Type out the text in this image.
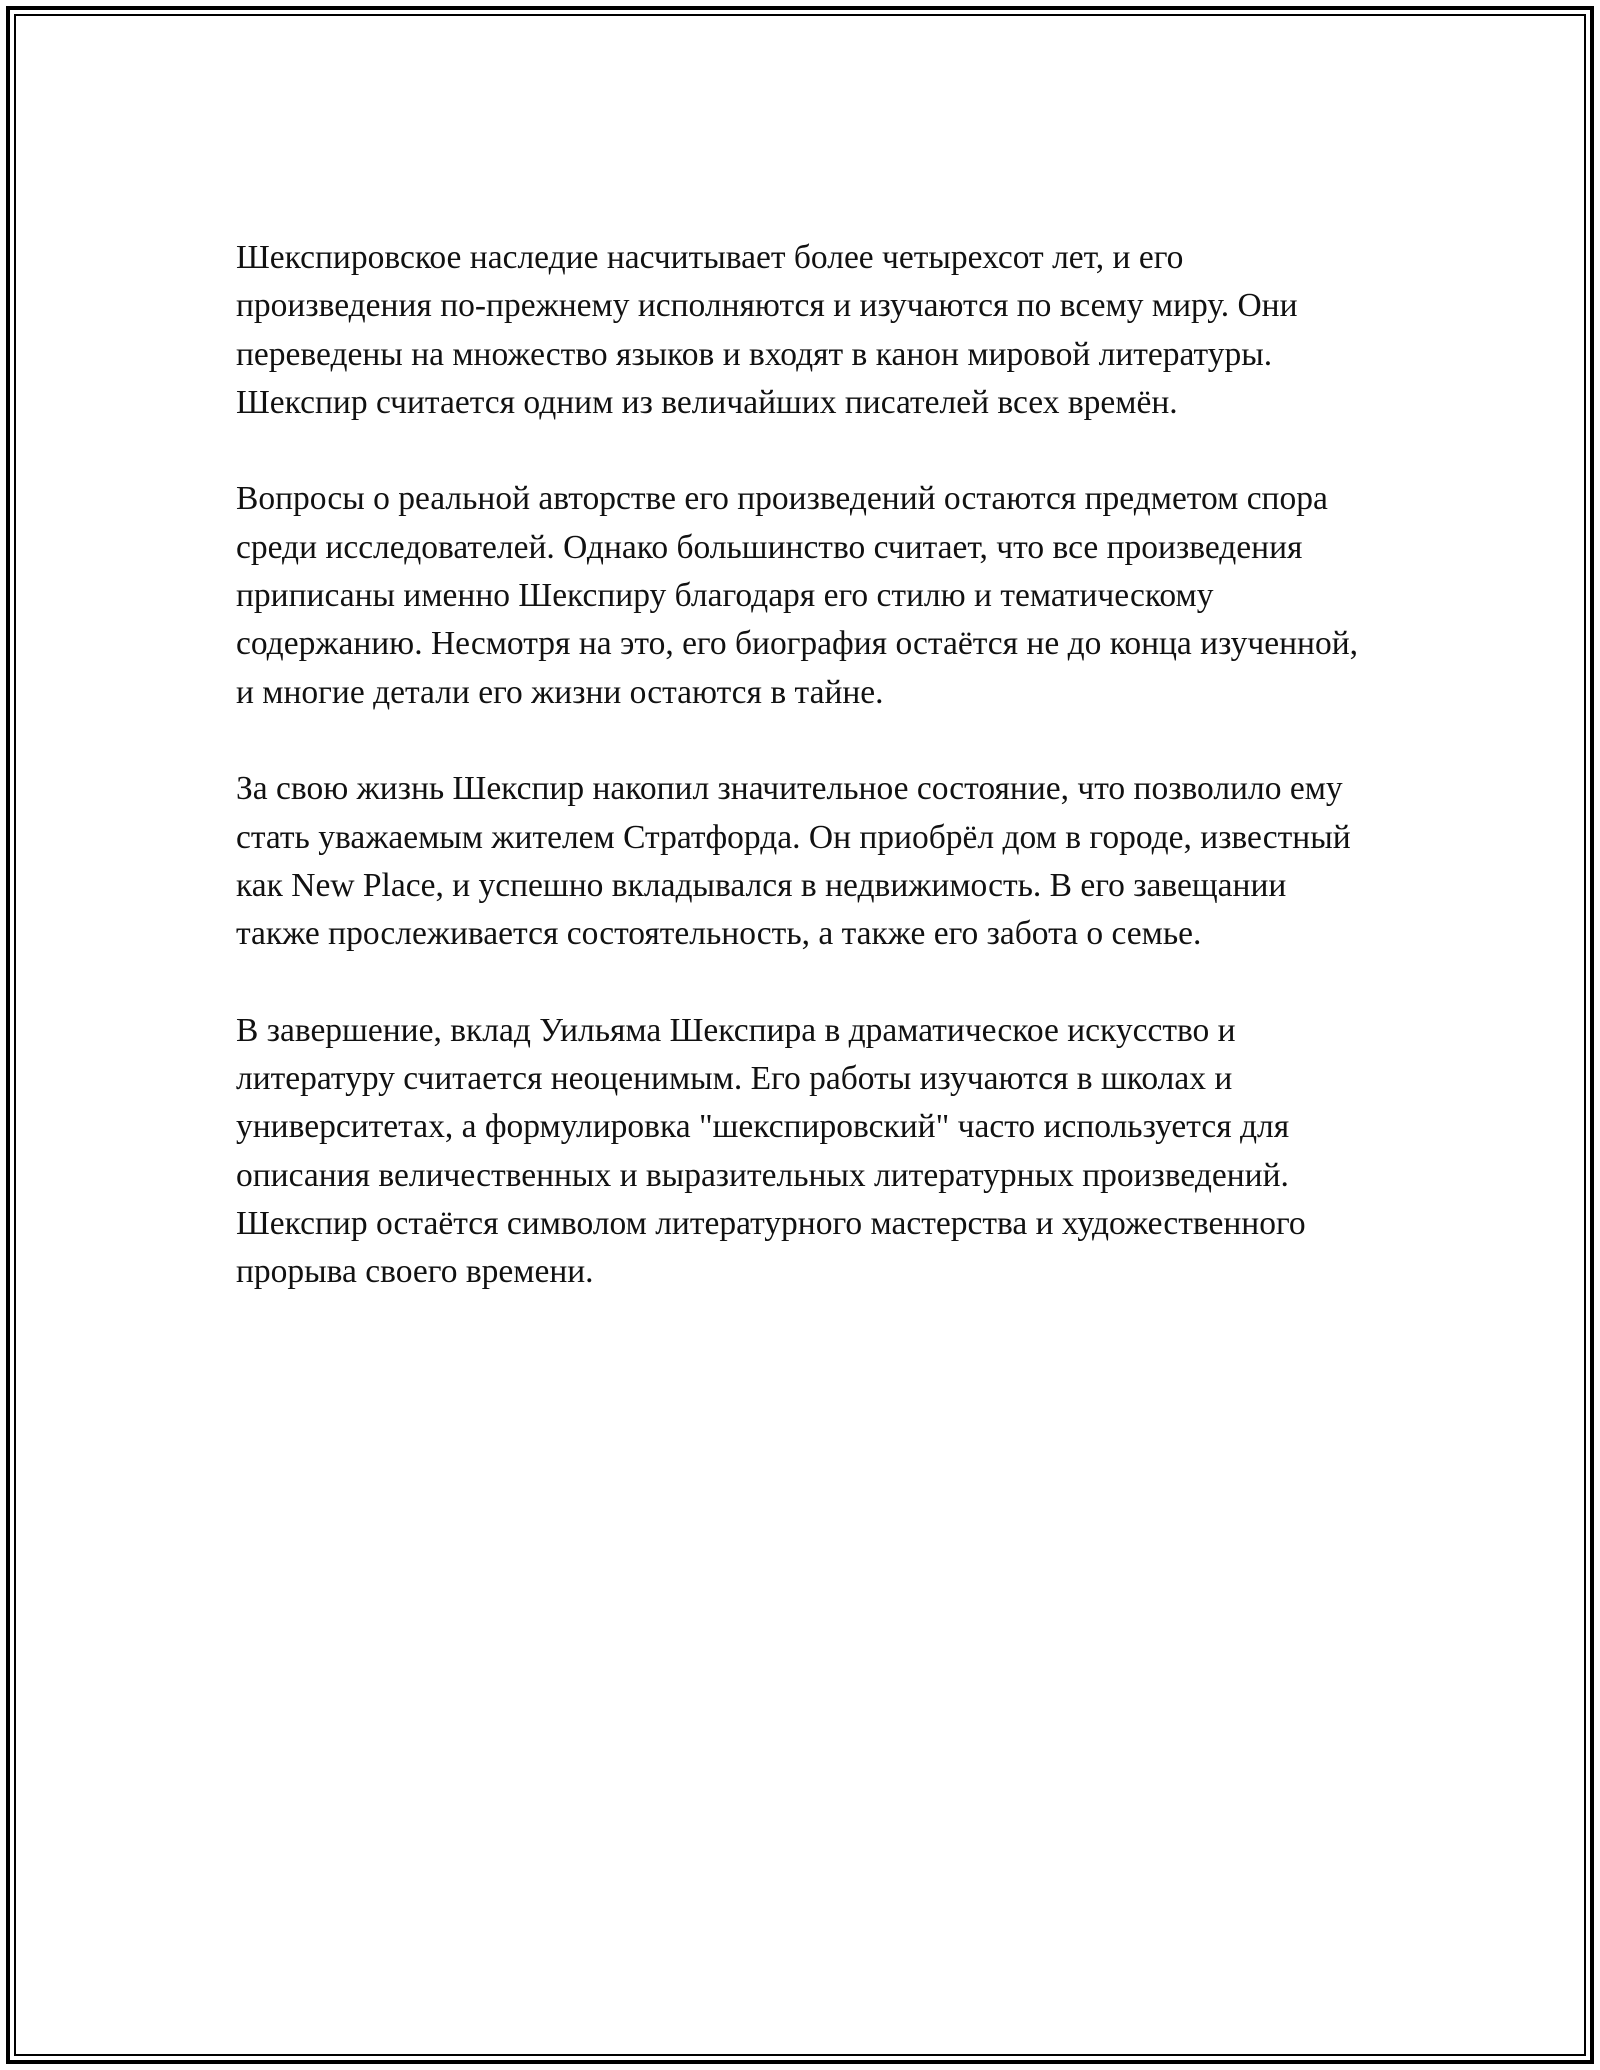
Шекспировское наследие насчитывает более четырехсот лет, и его произведения по-прежнему исполняются и изучаются по всему миру. Они переведены на множество языков и входят в канон мировой литературы. Шекспир считается одним из величайших писателей всех времён.

Вопросы о реальной авторстве его произведений остаются предметом спора среди исследователей. Однако большинство считает, что все произведения приписаны именно Шекспиру благодаря его стилю и тематическому содержанию. Несмотря на это, его биография остаётся не до конца изученной, и многие детали его жизни остаются в тайне.

За свою жизнь Шекспир накопил значительное состояние, что позволило ему стать уважаемым жителем Стратфорда. Он приобрёл дом в городе, известный как New Place, и успешно вкладывался в недвижимость. В его завещании также прослеживается состоятельность, а также его забота о семье.

В завершение, вклад Уильяма Шекспира в драматическое искусство и литературу считается неоценимым. Его работы изучаются в школах и университетах, а формулировка "шекспировский" часто используется для описания величественных и выразительных литературных произведений. Шекспир остаётся символом литературного мастерства и художественного прорыва своего времени.
